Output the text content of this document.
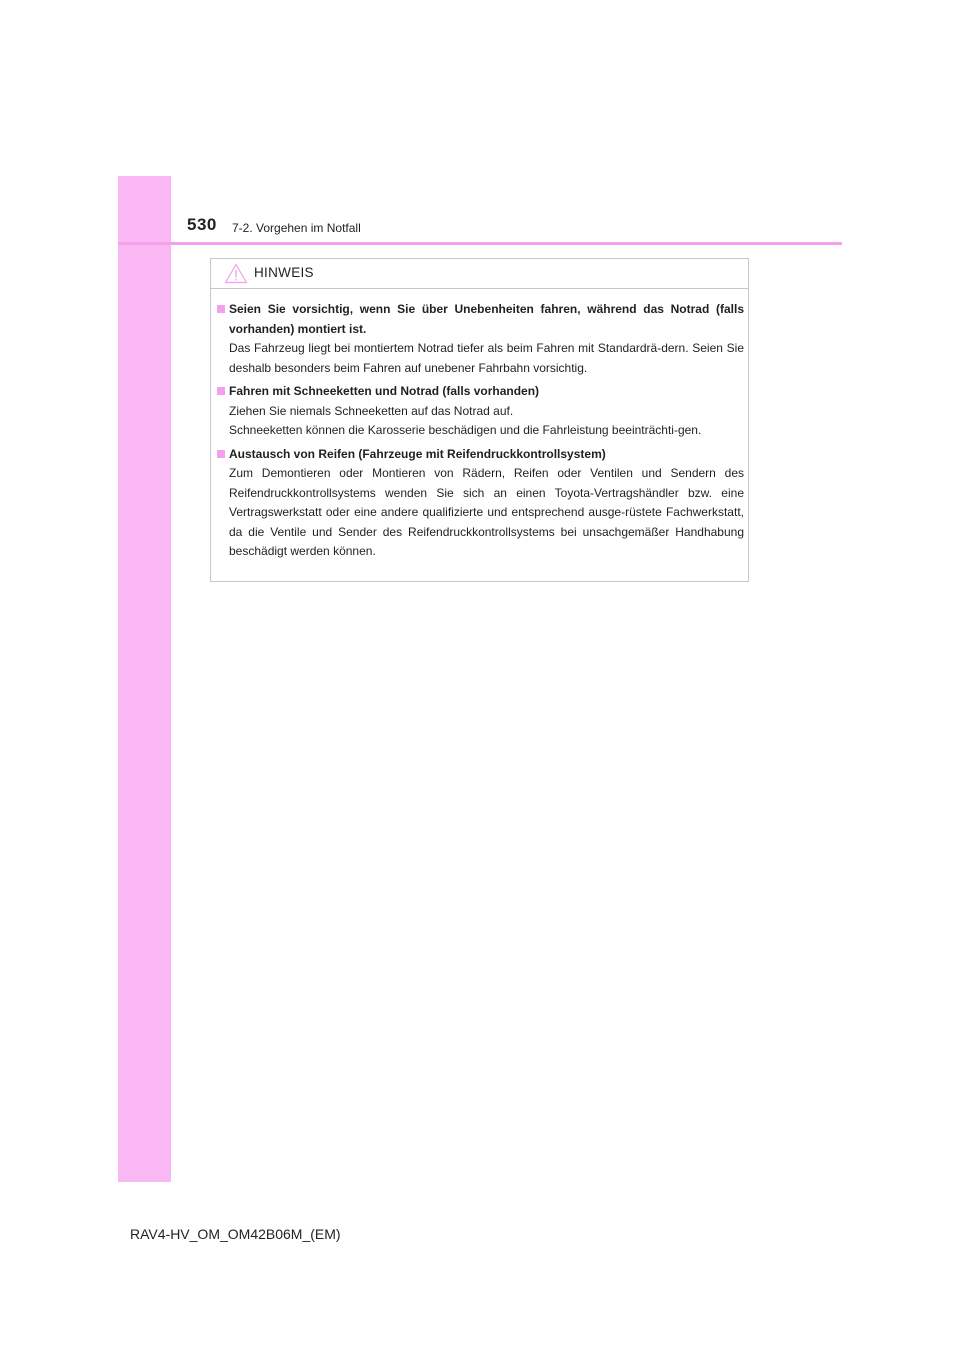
530 7-2. Vorgehen im Notfall
HINWEIS
Seien Sie vorsichtig, wenn Sie über Unebenheiten fahren, während das Notrad (falls vorhanden) montiert ist.

Das Fahrzeug liegt bei montiertem Notrad tiefer als beim Fahren mit Standardrä-dern. Seien Sie deshalb besonders beim Fahren auf unebener Fahrbahn vorsichtig.

Fahren mit Schneeketten und Notrad (falls vorhanden)

Ziehen Sie niemals Schneeketten auf das Notrad auf.

Schneeketten können die Karosserie beschädigen und die Fahrleistung beeinträchti-gen.

Austausch von Reifen (Fahrzeuge mit Reifendruckkontrollsystem)

Zum Demontieren oder Montieren von Rädern, Reifen oder Ventilen und Sendern des Reifendruckkontrollsystems wenden Sie sich an einen Toyota-Vertragshändler bzw. eine Vertragswerkstatt oder eine andere qualifizierte und entsprechend ausge-rüstete Fachwerkstatt, da die Ventile und Sender des Reifendruckkontrollsystems bei unsachgemäßer Handhabung beschädigt werden können.

RAV4-HV_OM_OM42B06M_(EM)
